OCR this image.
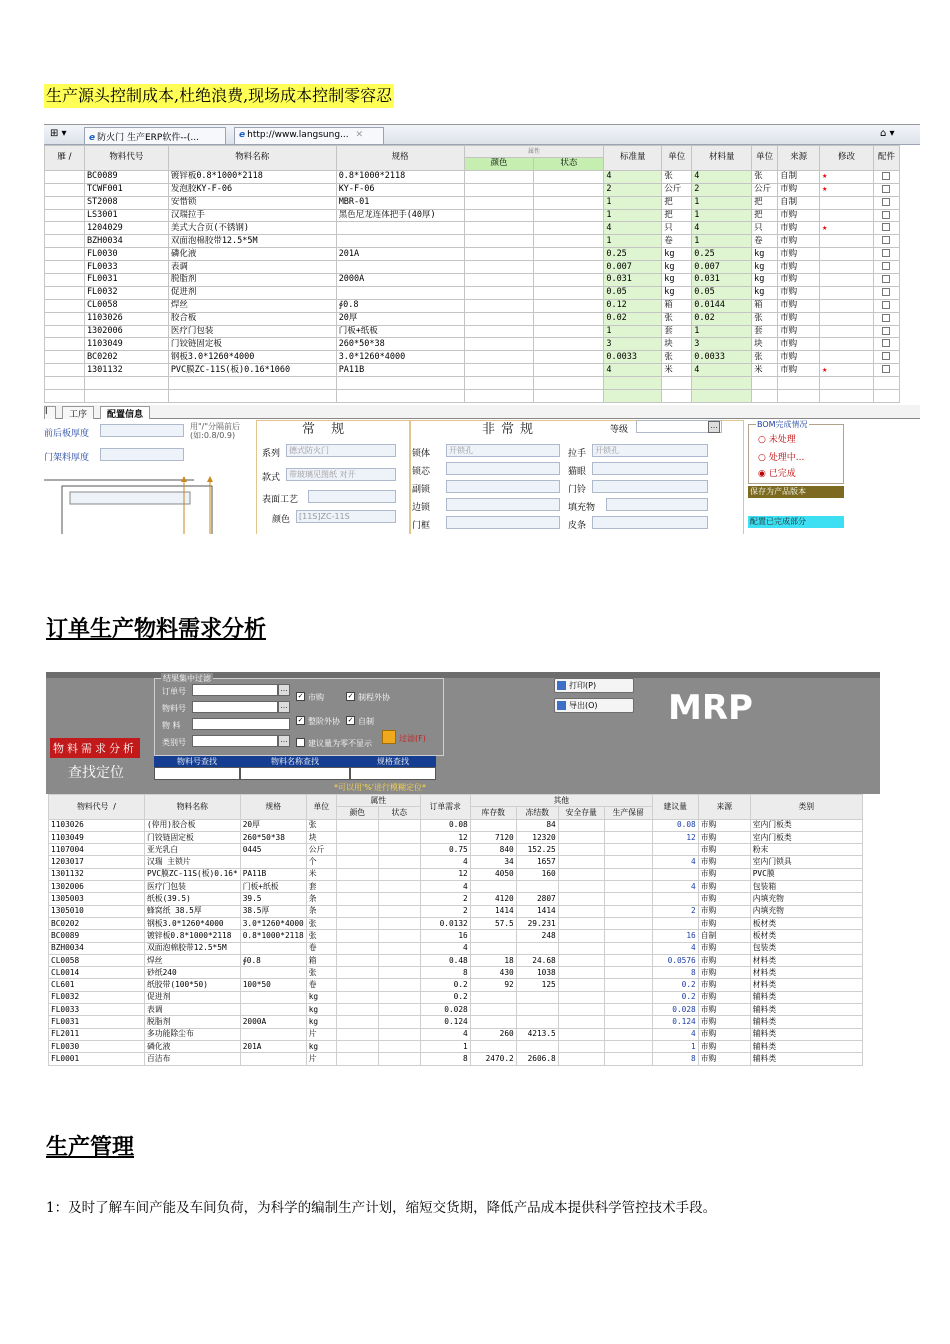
生产源头控制成本,杜绝浪费,现场成本控制零容忍
⊞ ▾	e 防火门 生产ERP软件--(...	e http://www.langsung... ✕	⌂ ▾
雁 /	物料代号	物料名称	规格	属性		标准量	单位	材料量	单位	来源	修改	配件
				颜色	状态							
	BC0089	镀锌板0.8*1000*2118	0.8*1000*2118			4	张	4	张	自制	★	
	TCWF001	发泡胶KY-F-06	KY-F-06			2	公斤	2	公斤	市购	★	
	ST2008	安惜锁	MBR-01			1	把	1	把	自制		
	LS3001	汉瑞拉手	黑色尼龙连体把手(40厚)			1	把	1	把	市购		
	1204029	美式大合页(不锈钢)				4	只	4	只	市购	★	
	BZH0034	双面泡棉胶带12.5*5M				1	卷	1	卷	市购		
	FL0030	磷化液	201A			0.25	kg	0.25	kg	市购		
	FL0033	表调				0.007	kg	0.007	kg	市购		
	FL0031	脱脂剂	2000A			0.031	kg	0.031	kg	市购		
	FL0032	促进剂				0.05	kg	0.05	kg	市购		
	CL0058	焊丝	∮0.8			0.12	箱	0.0144	箱	市购		
	1103026	胶合板	20厚			0.02	张	0.02	张	市购		
	1302006	医疗门包装	门板+纸板			1	套	1	套	市购		
	1103049	门铰链固定板	260*50*38			3	块	3	块	市购		
	BC0202	钢板3.0*1260*4000	3.0*1260*4000			0.0033	张	0.0033	张	市购		
	1301132	PVC膜ZC-11S(板)0.16*1060	PA11B			4	米	4	米	市购	★	

l	工序	配置信息
前后板厚度
用"/"分隔前后
(如:0.8/0.9)
门架料厚度
常 规
系列	德式防火门
款式	带玻璃见图纸 对开
表面工艺
颜色	[11S]ZC-11S
非常规	等级	…
锁体	开锁孔
锁芯
副锁
边锁
门框
拉手	开锁孔
猫眼
门铃
填充物
皮条
BOM完成情况
○ 未处理
○ 处理中...
◉ 已完成
保存为产品版本
配置已完成部分
订单生产物料需求分析
结果集中过滤
订单号	…
物料号	…
物 料
类别号	…
✓ 市购	✓ 制程外协
✓ 整阶外协 ✓ 自制
建议量为零不显示
过滤(F)
物料需求分析
查找定位
物料号查找	物料名称查找	规格查找
*可以用'%'进行模糊定位*
打印(P)
导出(O)	MRP
物料代号  /	物料名称	规格	单位	属性		订单需求	其他				建议量	来源	类别
				颜色	状态		库存数	冻结数	安全存量	生产保留			
1103026	(停用)胶合板	20厚	张			0.08		84			0.08	市购	室内门板类
1103049	门铰链固定板	260*50*38	块			12	7120	12320			12	市购	室内门板类
1107004	亚光乳白	0445	公斤			0.75	840	152.25				市购	粉末
1203017	汉瑞 主锁片		个			4	34	1657			4	市购	室内门锁具
1301132	PVC膜ZC-11S(板)0.16*	PA11B	米			12	4050	160				市购	PVC膜
1302006	医疗门包装	门板+纸板	套			4					4	市购	包装箱
1305003	纸板(39.5)	39.5	条			2	4120	2807				市购	内填充物
1305010	蜂窝纸 38.5厚	38.5厚	条			2	1414	1414			2	市购	内填充物
BC0202	钢板3.0*1260*4000	3.0*1260*4000	张			0.0132	57.5	29.231				市购	板材类
BC0089	镀锌板0.8*1000*2118	0.8*1000*2118	张			16		248			16	自制	板材类
BZH0034	双面泡棉胶带12.5*5M		卷			4					4	市购	包装类
CL0058	焊丝	∮0.8	箱			0.48	18	24.68			0.0576	市购	材料类
CL0014	砂纸240		张			8	430	1038			8	市购	材料类
CL601	纸胶带(100*50)	100*50	卷			0.2	92	125			0.2	市购	材料类
FL0032	促进剂		kg			0.2					0.2	市购	辅料类
FL0033	表调		kg			0.028					0.028	市购	辅料类
FL0031	脱脂剂	2000A	kg			0.124					0.124	市购	辅料类
FL2011	多功能除尘布		片			4	260	4213.5			4	市购	辅料类
FL0030	磷化液	201A	kg			1					1	市购	辅料类
FL0001	百洁布		片			8	2470.2	2606.8			8	市购	辅料类
生产管理
1：及时了解车间产能及车间负荷，为科学的编制生产计划，缩短交货期，降低产品成本提供科学管控技术手段。
